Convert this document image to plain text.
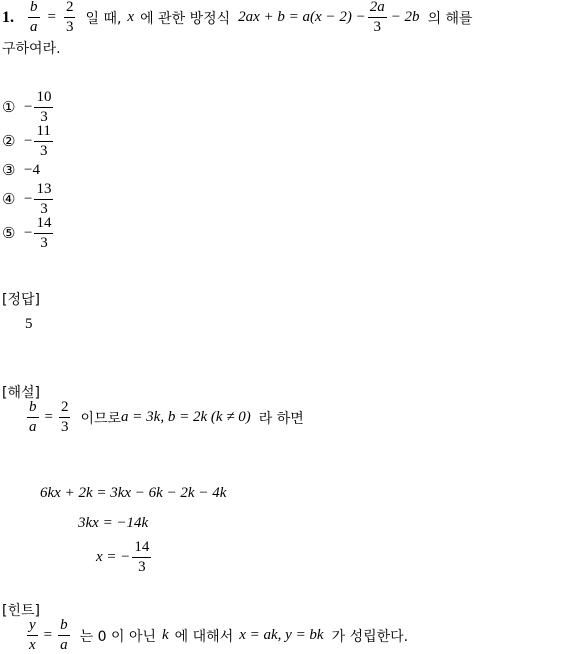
1. $\frac{b}{a} = \frac{2}{3}$ 일 때, x 에 관한 방정식 $2ax + b = a(x - 2) - \frac{2a}{3} - 2b$ 의 해를
구하여라.
① − $\frac{10}{3}$
② − $\frac{11}{3}$
③ −4
④ − $\frac{13}{3}$
⑤ − $\frac{14}{3}$
[정답]
5
[해설]
$\frac{b}{a} = \frac{2}{3}$ 이므로 a = 3k, b = 2k (k ≠ 0) 라 하면
6kx + 2k = 3kx − 6k − 2k − 4k
3kx = −14k
x = − $\frac{14}{3}$
[힌트]
$\frac{y}{x} = \frac{b}{a}$ 는 0 이 아닌 k 에 대해서 x = ak, y = bk 가 성립한다.
